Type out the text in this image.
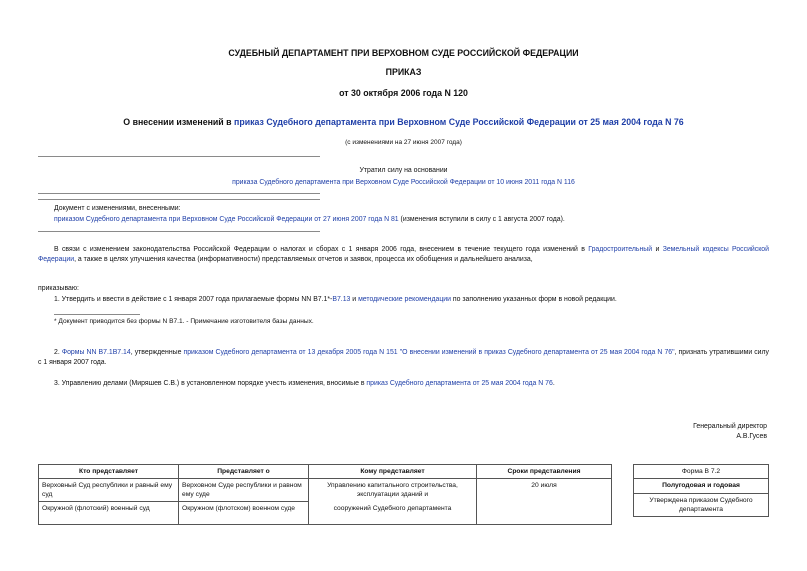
СУДЕБНЫЙ ДЕПАРТАМЕНТ ПРИ ВЕРХОВНОМ СУДЕ РОССИЙСКОЙ ФЕДЕРАЦИИ
ПРИКАЗ
от 30 октября 2006 года N 120
О внесении изменений в приказ Судебного департамента при Верховном Суде Российской Федерации от 25 мая 2004 года N 76
(с изменениями на 27 июня 2007 года)
Утратил силу на основании
приказа Судебного департамента при Верховном Суде Российской Федерации от 10 июня 2011 года N 116
Документ с изменениями, внесенными:
приказом Судебного департамента при Верховном Суде Российской Федерации от 27 июня 2007 года N 81 (изменения вступили в силу с 1 августа 2007 года).
В связи с изменением законодательства Российской Федерации о налогах и сборах с 1 января 2006 года, внесением в течение текущего года изменений в Градостроительный и Земельный кодексы Российской Федерации, а также в целях улучшения качества (информативности) представляемых отчетов и заявок, процесса их обобщения и дальнейшего анализа,
приказываю:
1. Утвердить и ввести в действие с 1 января 2007 года прилагаемые формы NN В7.1*-В7.13 и методические рекомендации по заполнению указанных форм в новой редакции.
* Документ приводится без формы N В7.1. - Примечание изготовителя базы данных.
2. Формы NN В7.1В7.14, утвержденные приказом Судебного департамента от 13 декабря 2005 года N 151 "О внесении изменений в приказ Судебного департамента от 25 мая 2004 года N 76", признать утратившими силу с 1 января 2007 года.
3. Управлению делами (Миряшев С.В.) в установленном порядке учесть изменения, вносимые в приказ Судебного департамента от 25 мая 2004 года N 76.
Генеральный директор
А.В.Гусев
Кто представляет	Представляет о	Кому представляет	Сроки представления
Верховный Суд республики и равный ему суд	Верховном Суде республики и равном ему суде	Управлению капитального строительства, эксплуатации зданий и	20 июля
Окружной (флотский) военный суд	Окружном (флотском) военном суде	сооружений Судебного департамента	
Форма В 7.2
Полугодовая и годовая
Утверждена приказом Судебного департамента
